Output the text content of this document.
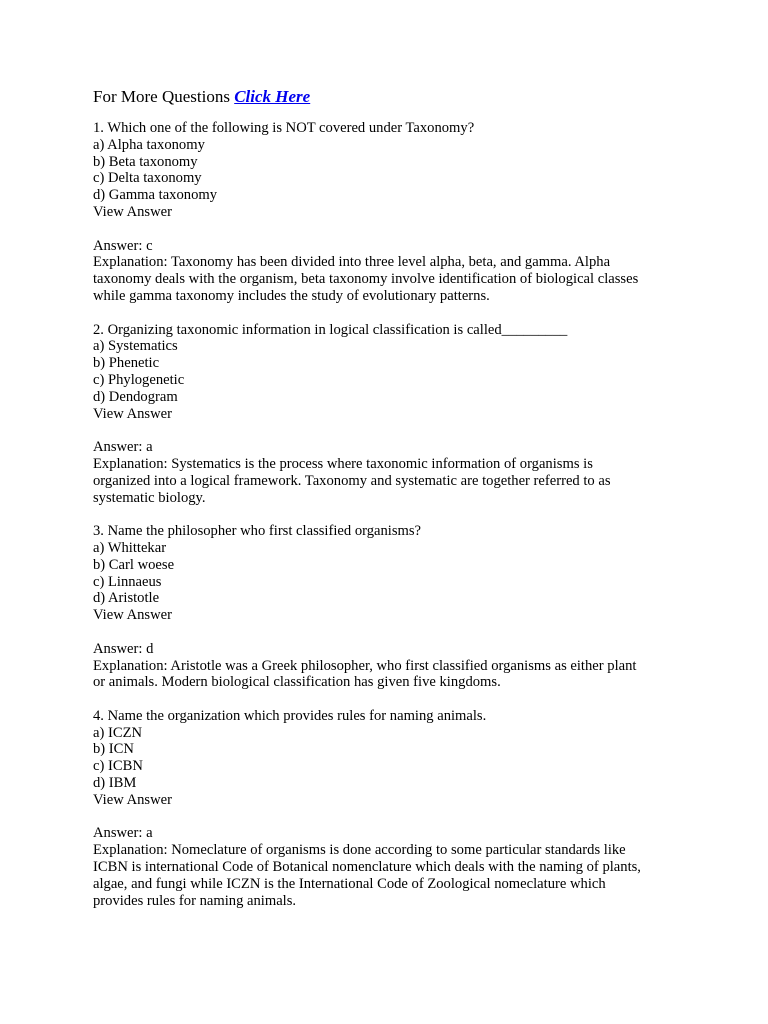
For More Questions Click Here
1. Which one of the following is NOT covered under Taxonomy?
a) Alpha taxonomy
b) Beta taxonomy
c) Delta taxonomy
d) Gamma taxonomy
View Answer
Answer: c
Explanation: Taxonomy has been divided into three level alpha, beta, and gamma. Alpha
taxonomy deals with the organism, beta taxonomy involve identification of biological classes
while gamma taxonomy includes the study of evolutionary patterns.
2. Organizing taxonomic information in logical classification is called_________
a) Systematics
b) Phenetic
c) Phylogenetic
d) Dendogram
View Answer
Answer: a
Explanation: Systematics is the process where taxonomic information of organisms is
organized into a logical framework. Taxonomy and systematic are together referred to as
systematic biology.
3. Name the philosopher who first classified organisms?
a) Whittekar
b) Carl woese
c) Linnaeus
d) Aristotle
View Answer
Answer: d
Explanation: Aristotle was a Greek philosopher, who first classified organisms as either plant
or animals. Modern biological classification has given five kingdoms.
4. Name the organization which provides rules for naming animals.
a) ICZN
b) ICN
c) ICBN
d) IBM
View Answer
Answer: a
Explanation: Nomeclature of organisms is done according to some particular standards like
ICBN is international Code of Botanical nomenclature which deals with the naming of plants,
algae, and fungi while ICZN is the International Code of Zoological nomeclature which
provides rules for naming animals.
